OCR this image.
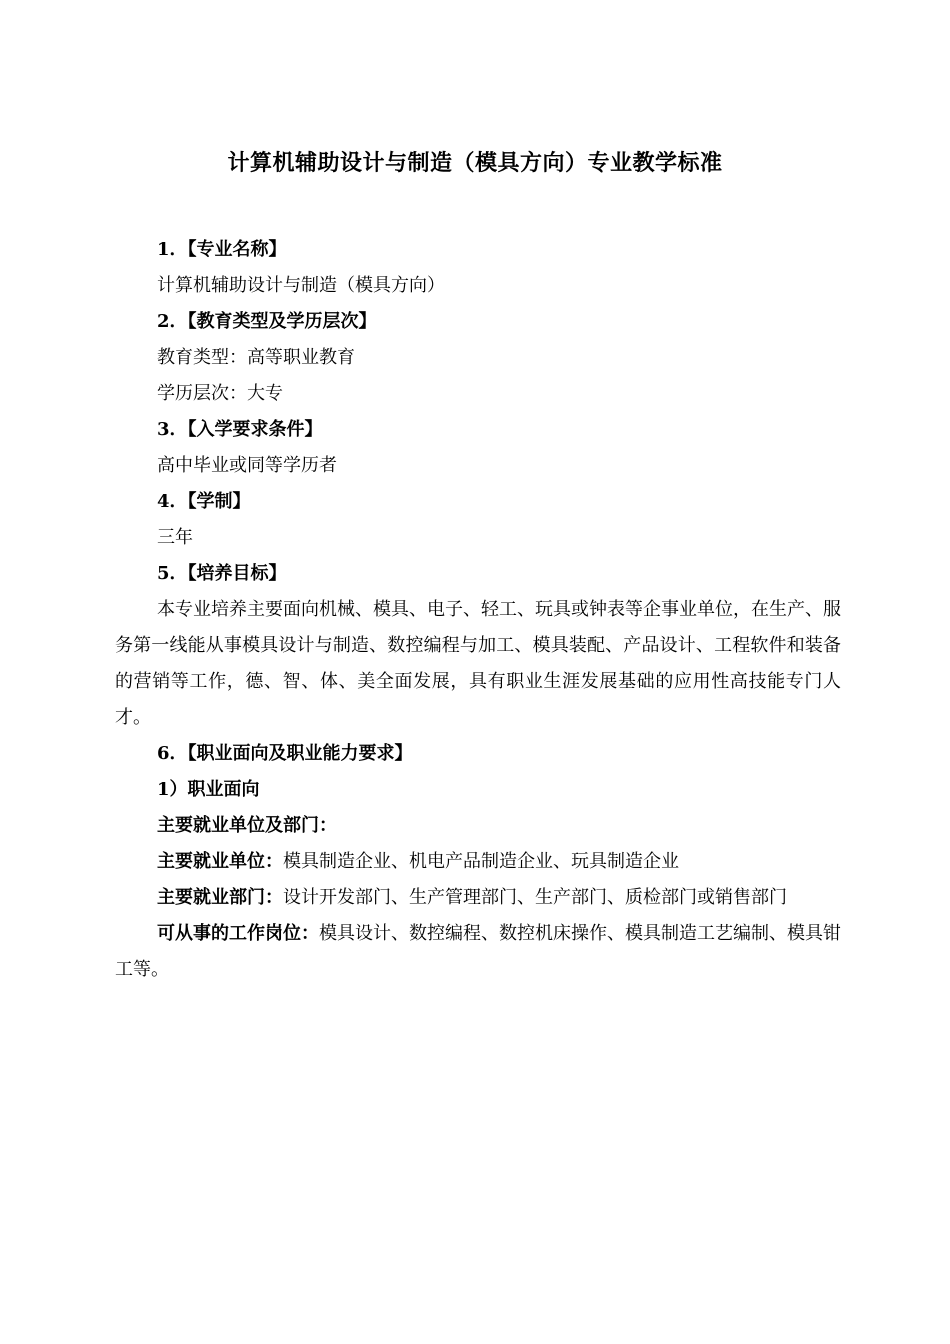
计算机辅助设计与制造（模具方向）专业教学标准

1．【专业名称】

计算机辅助设计与制造（模具方向）

2．【教育类型及学历层次】

教育类型：高等职业教育

学历层次：大专

3．【入学要求条件】

高中毕业或同等学历者

4．【学制】

三年

5．【培养目标】

本专业培养主要面向机械、模具、电子、轻工、玩具或钟表等企事业单位，在生产、服务第一线能从事模具设计与制造、数控编程与加工、模具装配、产品设计、工程软件和装备的营销等工作，德、智、体、美全面发展，具有职业生涯发展基础的应用性高技能专门人才。

6．【职业面向及职业能力要求】

1）职业面向

主要就业单位及部门：

主要就业单位：模具制造企业、机电产品制造企业、玩具制造企业

主要就业部门：设计开发部门、生产管理部门、生产部门、质检部门或销售部门

可从事的工作岗位：模具设计、数控编程、数控机床操作、模具制造工艺编制、模具钳工等。
